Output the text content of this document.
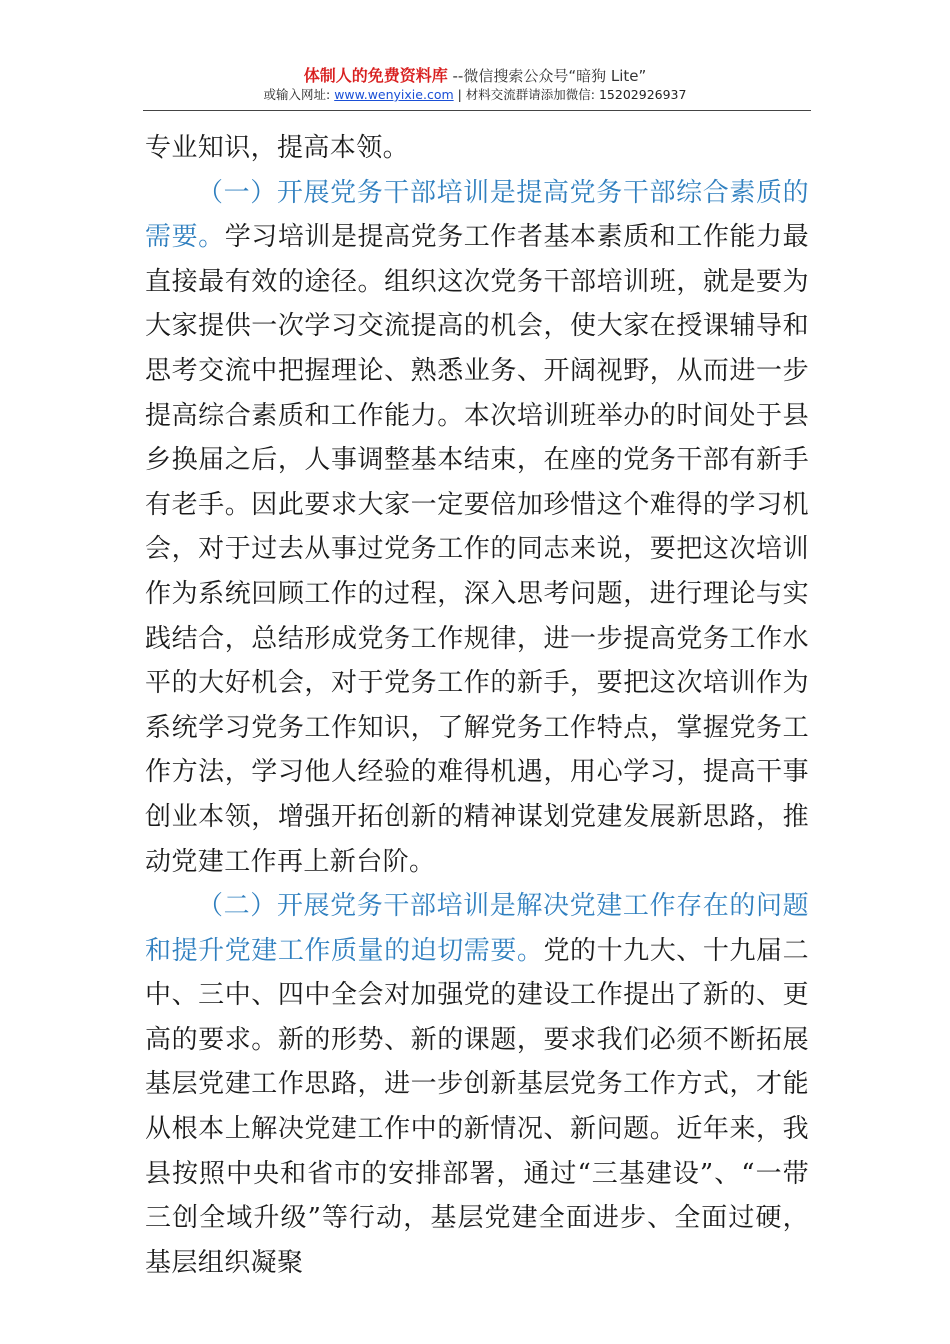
体制人的免费资料库 --微信搜索公众号“暗狗 Lite”
或输入网址: www.wenyixie.com | 材料交流群请添加微信: 15202926937

专业知识，提高本领。

（一）开展党务干部培训是提高党务干部综合素质的需要。学习培训是提高党务工作者基本素质和工作能力最直接最有效的途径。组织这次党务干部培训班，就是要为大家提供一次学习交流提高的机会，使大家在授课辅导和思考交流中把握理论、熟悉业务、开阔视野，从而进一步提高综合素质和工作能力。本次培训班举办的时间处于县乡换届之后，人事调整基本结束，在座的党务干部有新手有老手。因此要求大家一定要倍加珍惜这个难得的学习机会，对于过去从事过党务工作的同志来说，要把这次培训作为系统回顾工作的过程，深入思考问题，进行理论与实践结合，总结形成党务工作规律，进一步提高党务工作水平的大好机会，对于党务工作的新手，要把这次培训作为系统学习党务工作知识，了解党务工作特点，掌握党务工作方法，学习他人经验的难得机遇，用心学习，提高干事创业本领，增强开拓创新的精神谋划党建发展新思路，推动党建工作再上新台阶。

（二）开展党务干部培训是解决党建工作存在的问题和提升党建工作质量的迫切需要。党的十九大、十九届二中、三中、四中全会对加强党的建设工作提出了新的、更高的要求。新的形势、新的课题，要求我们必须不断拓展基层党建工作思路，进一步创新基层党务工作方式，才能从根本上解决党建工作中的新情况、新问题。近年来，我县按照中央和省市的安排部署，通过“三基建设”、“一带三创全域升级”等行动，基层党建全面进步、全面过硬，基层组织凝聚
